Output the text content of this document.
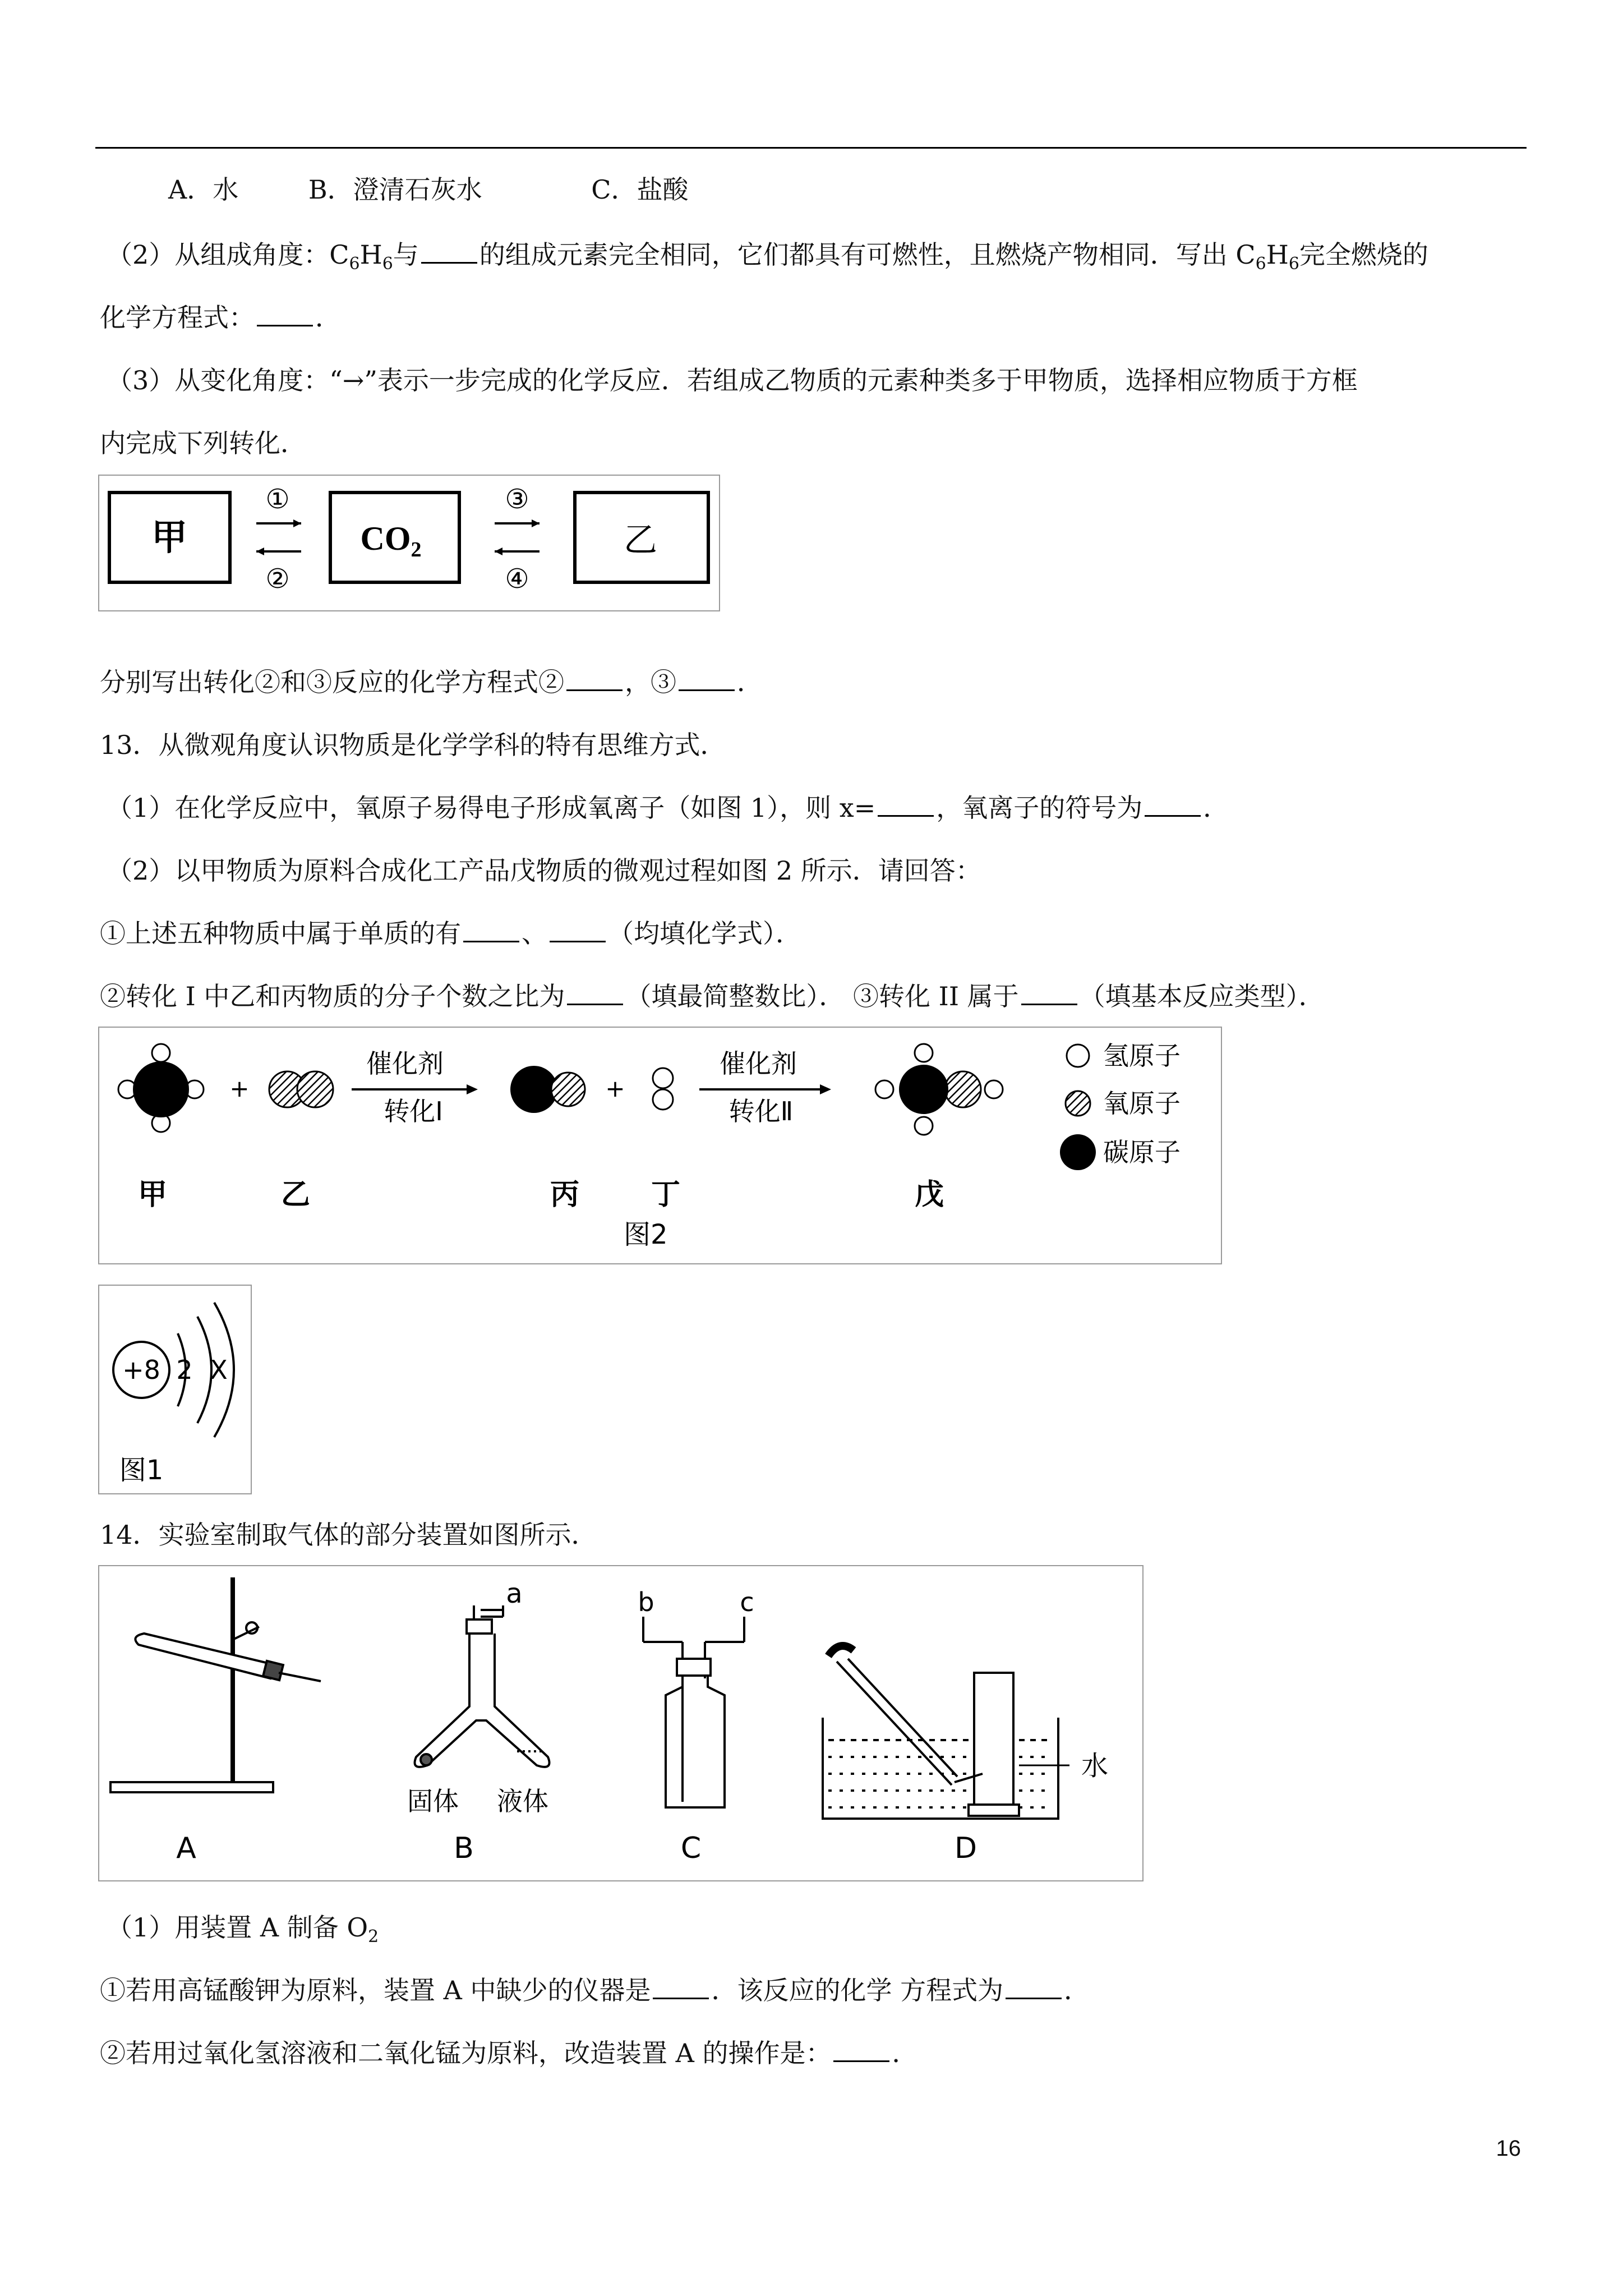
A．水	B．澄清石灰水	C．盐酸
（2）从组成角度：$C_6H_6$与 的组成元素完全相同，它们都具有可燃性，且燃烧产物相同．写出 $C_6H_6$完全燃烧的
化学方程式： ．
（3）从变化角度：“→”表示一步完成的化学反应．若组成乙物质的元素种类多于甲物质，选择相应物质于方框
内完成下列转化．
甲	$CO_2$	乙
①
②
③
④
分别写出转化②和③反应的化学方程式② ，③ ．
13．从微观角度认识物质是化学学科的特有思维方式．
（1）在化学反应中，氧原子易得电子形成氧离子（如图 1），则 x= ，氧离子的符号为 ．
（2）以甲物质为原料合成化工产品戊物质的微观过程如图 2 所示．请回答：
①上述五种物质中属于单质的有 、 （均填化学式）．
②转化 I 中乙和丙物质的分子个数之比为 （填最简整数比）． ③转化 II 属于 （填基本反应类型）．
+
催化剂
转化Ⅰ
+
催化剂
转化Ⅱ
氢原子
氧原子
碳原子
甲	乙	丙 丁	戊
图2
+8 2 X
图1
14．实验室制取气体的部分装置如图所示．
A
a
固体 液体
B
b	c
C
水
D
（1）用装置 A 制备 $O_2$
①若用高锰酸钾为原料，装置 A 中缺少的仪器是 ．该反应的化学 方程式为 ．
②若用过氧化氢溶液和二氧化锰为原料，改造装置 A 的操作是： ．
16
